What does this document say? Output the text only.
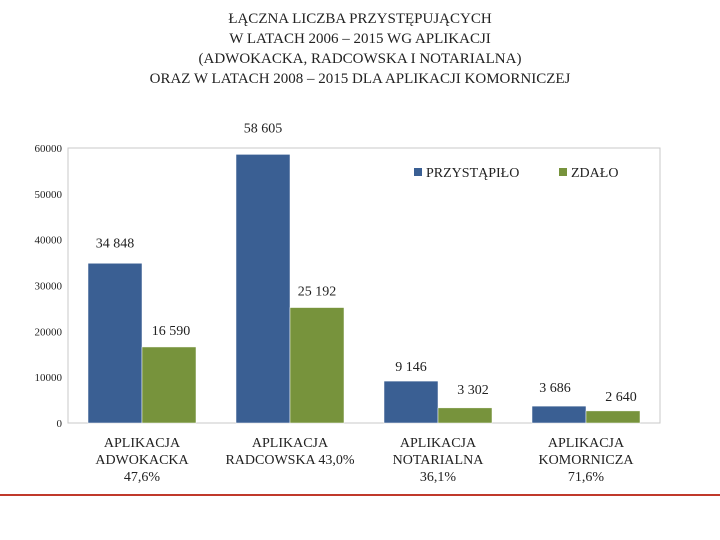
ŁĄCZNA LICZBA PRZYSTĘPUJĄCYCH
W LATACH 2006 – 2015 WG APLIKACJI
(ADWOKACKA, RADCOWSKA I NOTARIALNA)
ORAZ W LATACH 2008 – 2015 DLA APLIKACJI KOMORNICZEJ
0
10000
20000
30000
40000
50000
60000
34 848
16 590
APLIKACJA
ADWOKACKA
47,6%
58 605
25 192
APLIKACJA
RADCOWSKA 43,0%
9 146
3 302
APLIKACJA
NOTARIALNA
36,1%
3 686
2 640
APLIKACJA
KOMORNICZA
71,6%
PRZYSTĄPIŁO	ZDAŁO
